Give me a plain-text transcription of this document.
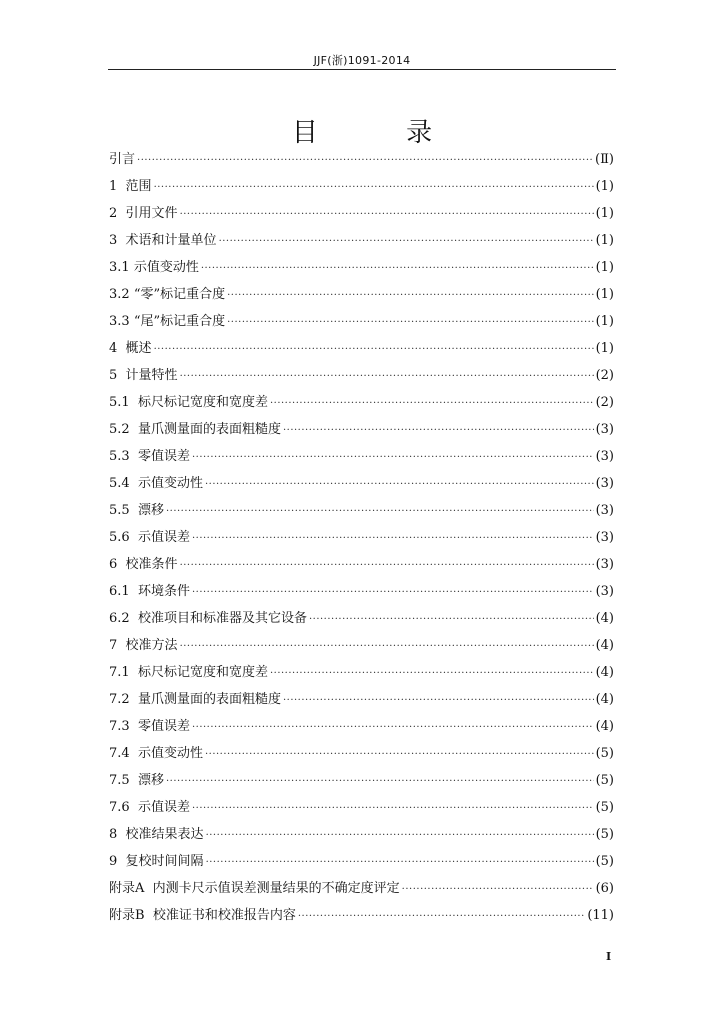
JJF(浙)1091-2014
目 录
引言 ·····	(Ⅱ)
1 范围 ·····	(1)
2 引用文件 ·····	(1)
3 术语和计量单位 ·····	(1)
3.1 示值变动性 ·····	(1)
3.2 “零”标记重合度 ·····	(1)
3.3 “尾”标记重合度 ·····	(1)
4 概述 ·····	(1)
5 计量特性 ·····	(2)
5.1 标尺标记宽度和宽度差 ·····	(2)
5.2 量爪测量面的表面粗糙度 ·····	(3)
5.3 零值误差 ·····	(3)
5.4 示值变动性 ·····	(3)
5.5 漂移 ·····	(3)
5.6 示值误差 ·····	(3)
6 校准条件 ·····	(3)
6.1 环境条件 ·····	(3)
6.2 校准项目和标准器及其它设备 ·····	(4)
7 校准方法 ·····	(4)
7.1 标尺标记宽度和宽度差 ·····	(4)
7.2 量爪测量面的表面粗糙度 ·····	(4)
7.3 零值误差 ·····	(4)
7.4 示值变动性 ·····	(5)
7.5 漂移 ·····	(5)
7.6 示值误差 ·····	(5)
8 校准结果表达 ·····	(5)
9 复校时间间隔 ·····	(5)
附录A 内测卡尺示值误差测量结果的不确定度评定 ·····	(6)
附录B 校准证书和校准报告内容 ·····	(11)
I
